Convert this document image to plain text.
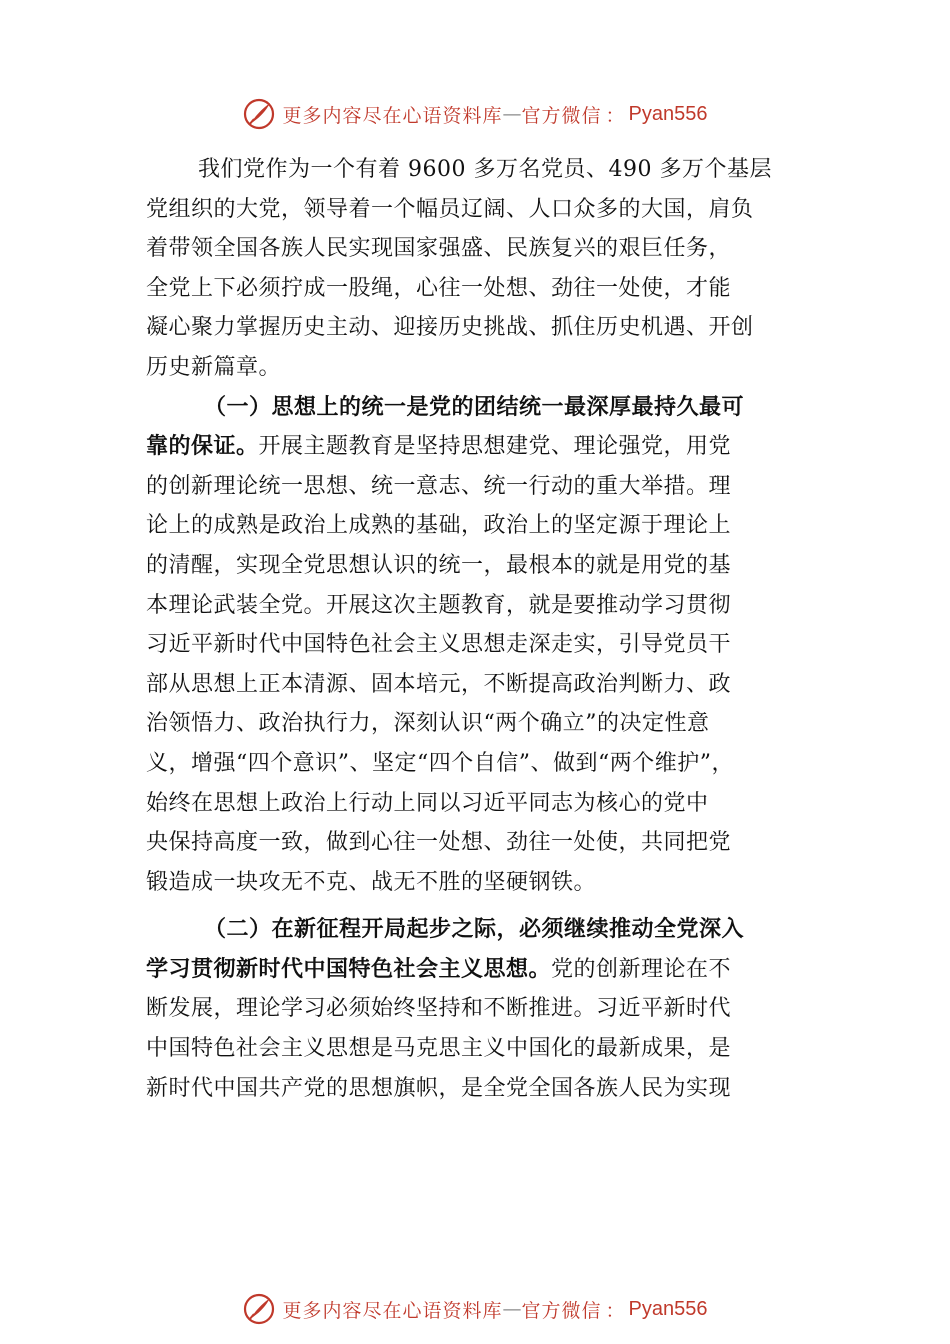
更多内容尽在心语资料库 — 官方微信 ： Pyan556
我们党作为一个有着 9600 多万名党员、490 多万个基层
党组织的大党，领导着一个幅员辽阔、人口众多的大国，肩负
着带领全国各族人民实现国家强盛、民族复兴的艰巨任务，
全党上下必须拧成一股绳，心往一处想、劲往一处使，才能
凝心聚力掌握历史主动、迎接历史挑战、抓住历史机遇、开创
历史新篇章。
（一）思想上的统一是党的团结统一最深厚最持久最可
靠的保证。开展主题教育是坚持思想建党、理论强党，用党
的创新理论统一思想、统一意志、统一行动的重大举措。理
论上的成熟是政治上成熟的基础，政治上的坚定源于理论上
的清醒，实现全党思想认识的统一，最根本的就是用党的基
本理论武装全党。开展这次主题教育，就是要推动学习贯彻
习近平新时代中国特色社会主义思想走深走实，引导党员干
部从思想上正本清源、固本培元，不断提高政治判断力、政
治领悟力、政治执行力，深刻认识“两个确立”的决定性意
义，增强“四个意识”、坚定“四个自信”、做到“两个维护”，
始终在思想上政治上行动上同以习近平同志为核心的党中
央保持高度一致，做到心往一处想、劲往一处使，共同把党
锻造成一块攻无不克、战无不胜的坚硬钢铁。
（二）在新征程开局起步之际，必须继续推动全党深入
学习贯彻新时代中国特色社会主义思想。党的创新理论在不
断发展，理论学习必须始终坚持和不断推进。习近平新时代
中国特色社会主义思想是马克思主义中国化的最新成果，是
新时代中国共产党的思想旗帜，是全党全国各族人民为实现
更多内容尽在心语资料库 — 官方微信 ： Pyan556
